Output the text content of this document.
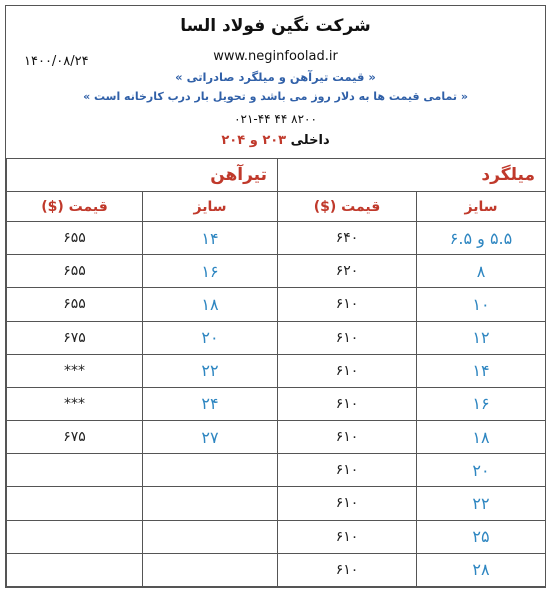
شرکت نگین فولاد السا
۱۴۰۰/۰۸/۲۴	www.neginfoolad.ir
« قیمت تیرآهن و میلگرد صادراتی »
« تمامی قیمت ها به دلار روز می باشد و تحویل بار درب کارخانه است »
۰۲۱-۴۴ ۴۴ ۸۲۰۰
داخلی ۲۰۳ و ۲۰۴
میلگرد		تیرآهن	
سایز	قیمت ($)	سایز	قیمت ($)
۵.۵ و ۶.۵	۶۴۰	۱۴	۶۵۵
۸	۶۲۰	۱۶	۶۵۵
۱۰	۶۱۰	۱۸	۶۵۵
۱۲	۶۱۰	۲۰	۶۷۵
۱۴	۶۱۰	۲۲	***
۱۶	۶۱۰	۲۴	***
۱۸	۶۱۰	۲۷	۶۷۵
۲۰	۶۱۰		
۲۲	۶۱۰		
۲۵	۶۱۰		
۲۸	۶۱۰		
